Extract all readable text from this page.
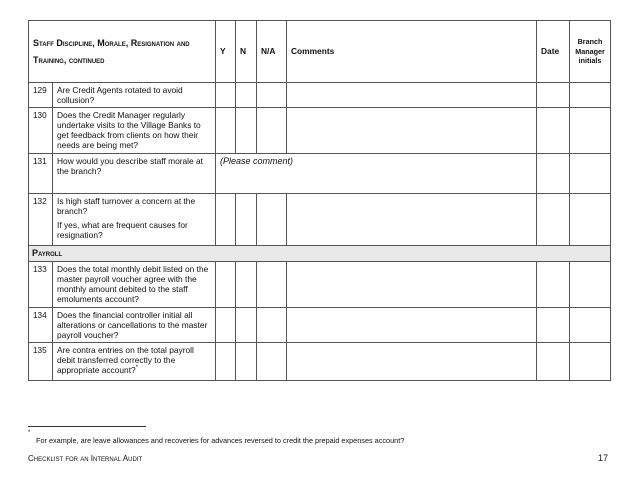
Staff Discipline, Morale, Resignation and Training, continued		Y	N	N/A	Comments	Date	Branch Manager initials
129	Are Credit Agents rotated to avoid collusion?						
130	Does the Credit Manager regularly undertake visits to the Village Banks to get feedback from clients on how their needs are being met?						
131	How would you describe staff morale at the branch?	(Please comment)					
132	Is high staff turnover a concern at the branch?
If yes, what are frequent causes for resignation?						

Payroll							
133	Does the total monthly debit listed on the master payroll voucher agree with the monthly amount debited to the staff emoluments account?						
134	Does the financial controller initial all alterations or cancellations to the master payroll voucher?						
135	Are contra entries on the total payroll debit transferred correctly to the appropriate account?*						
*
For example, are leave allowances and recoveries for advances reversed to credit the prepaid expenses account?
Checklist for an Internal Audit	17
